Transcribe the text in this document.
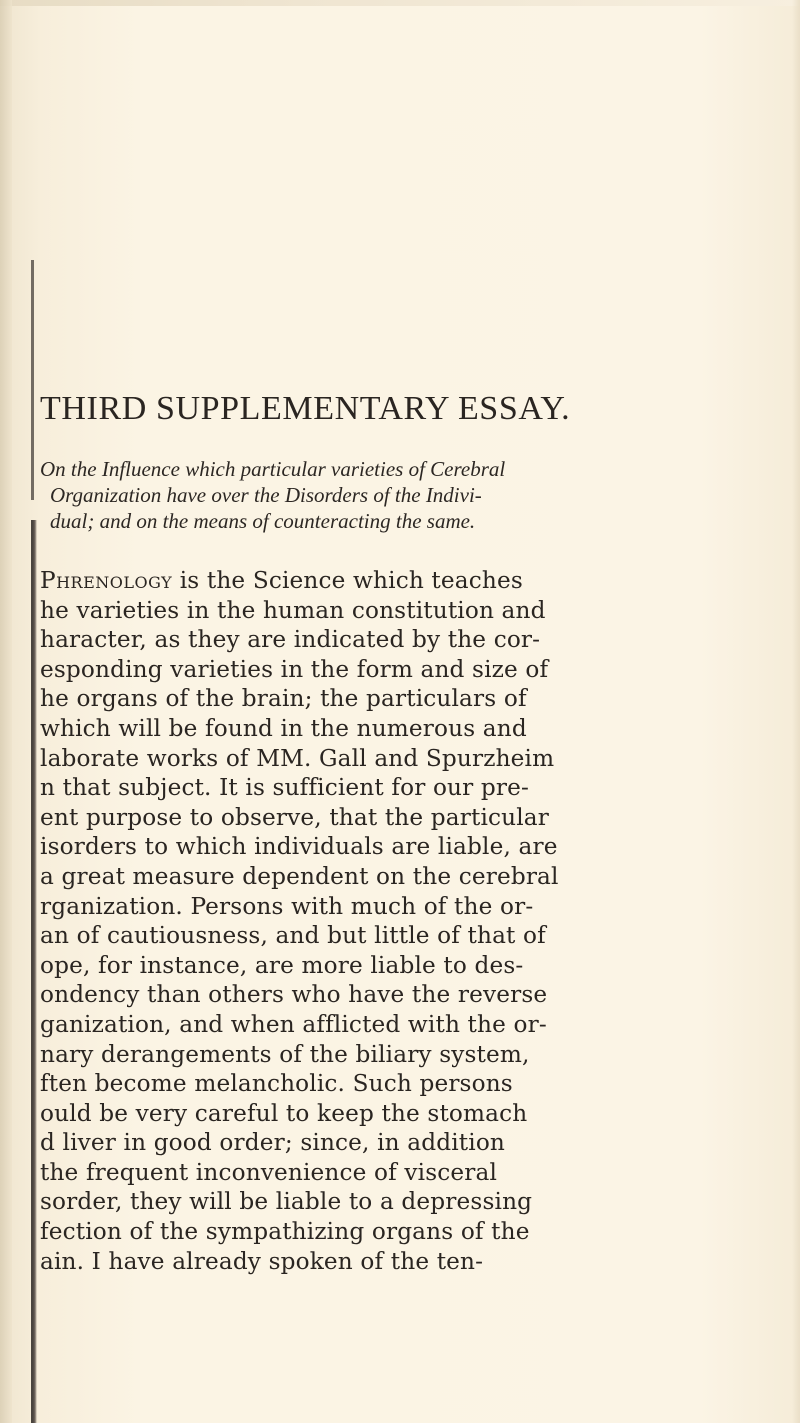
THIRD SUPPLEMENTARY ESSAY.
On the Influence which particular varieties of Cerebral
Organization have over the Disorders of the Indivi-
dual; and on the means of counteracting the same.
Phrenology is the Science which teaches
he varieties in the human constitution and
haracter, as they are indicated by the cor-
esponding varieties in the form and size of
he organs of the brain; the particulars of
which will be found in the numerous and
laborate works of MM. Gall and Spurzheim
n that subject. It is sufficient for our pre-
ent purpose to observe, that the particular
isorders to which individuals are liable, are
a great measure dependent on the cerebral
rganization. Persons with much of the or-
an of cautiousness, and but little of that of
ope, for instance, are more liable to des-
ondency than others who have the reverse
ganization, and when afflicted with the or-
nary derangements of the biliary system,
ften become melancholic. Such persons
ould be very careful to keep the stomach
d liver in good order; since, in addition
the frequent inconvenience of visceral
sorder, they will be liable to a depressing
fection of the sympathizing organs of the
ain. I have already spoken of the ten-
